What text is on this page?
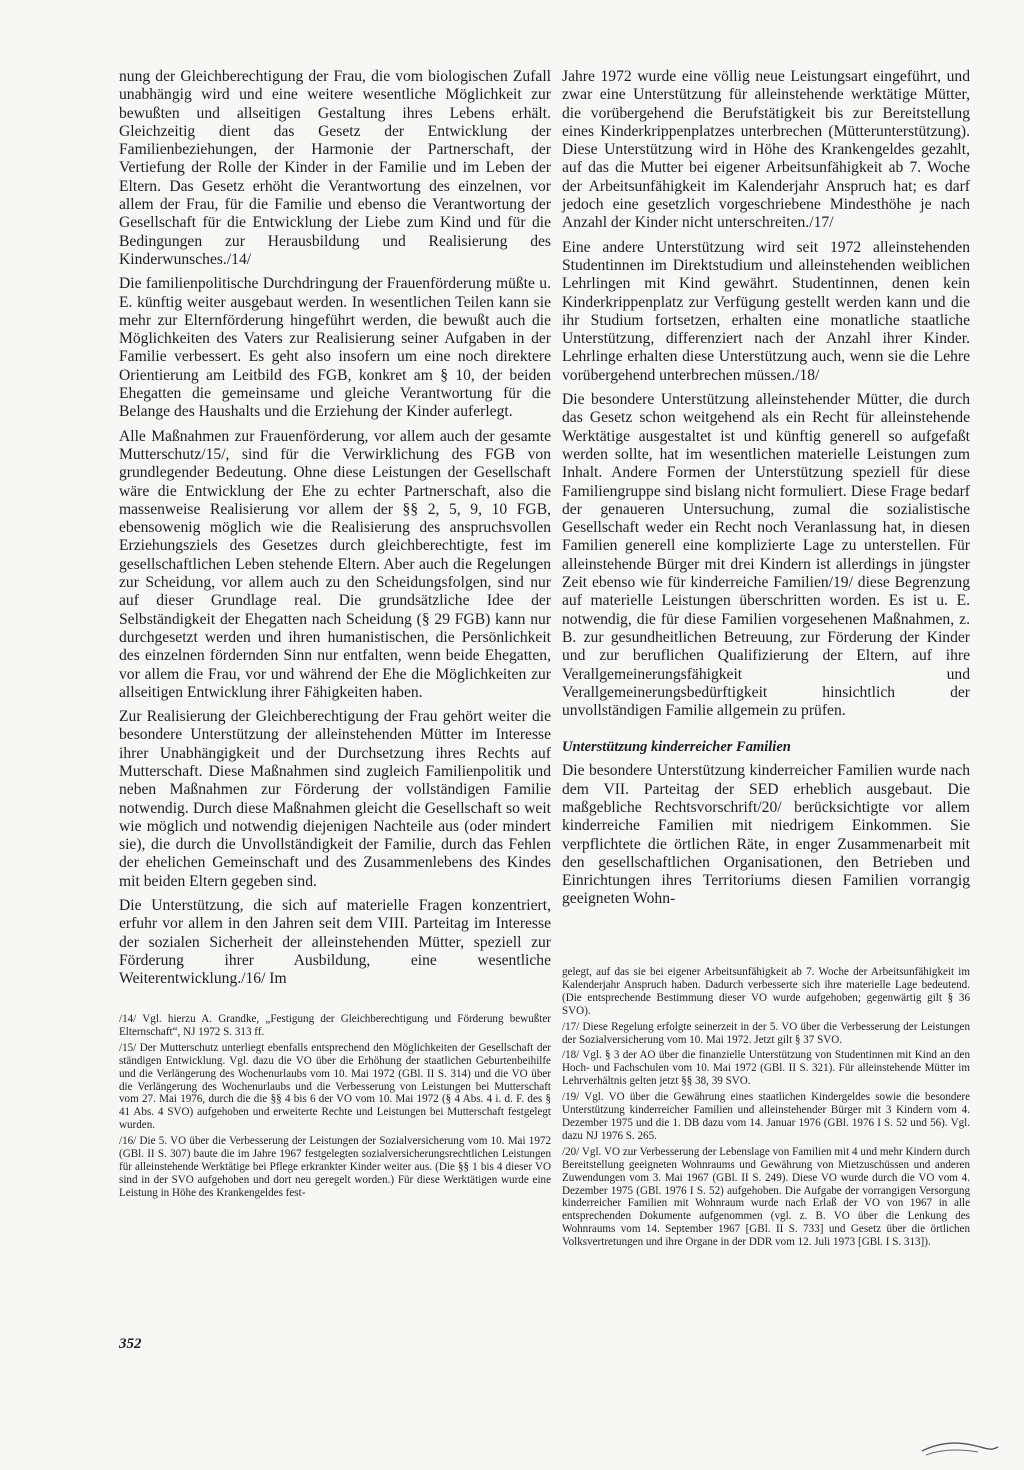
nung der Gleichberechtigung der Frau, die vom biologischen Zufall unabhängig wird und eine weitere wesentliche Möglichkeit zur bewußten und allseitigen Gestaltung ihres Lebens erhält. Gleichzeitig dient das Gesetz der Entwicklung der Familienbeziehungen, der Harmonie der Partnerschaft, der Vertiefung der Rolle der Kinder in der Familie und im Leben der Eltern. Das Gesetz erhöht die Verantwortung des einzelnen, vor allem der Frau, für die Familie und ebenso die Verantwortung der Gesellschaft für die Entwicklung der Liebe zum Kind und für die Bedingungen zur Herausbildung und Realisierung des Kinderwunsches./14/

Die familienpolitische Durchdringung der Frauenförderung müßte u. E. künftig weiter ausgebaut werden. In wesentlichen Teilen kann sie mehr zur Elternförderung hingeführt werden, die bewußt auch die Möglichkeiten des Vaters zur Realisierung seiner Aufgaben in der Familie verbessert. Es geht also insofern um eine noch direktere Orientierung am Leitbild des FGB, konkret am § 10, der beiden Ehegatten die gemeinsame und gleiche Verantwortung für die Belange des Haushalts und die Erziehung der Kinder auferlegt.

Alle Maßnahmen zur Frauenförderung, vor allem auch der gesamte Mutterschutz/15/, sind für die Verwirklichung des FGB von grundlegender Bedeutung. Ohne diese Leistungen der Gesellschaft wäre die Entwicklung der Ehe zu echter Partnerschaft, also die massenweise Realisierung vor allem der §§ 2, 5, 9, 10 FGB, ebensowenig möglich wie die Realisierung des anspruchsvollen Erziehungsziels des Gesetzes durch gleichberechtigte, fest im gesellschaftlichen Leben stehende Eltern. Aber auch die Regelungen zur Scheidung, vor allem auch zu den Scheidungsfolgen, sind nur auf dieser Grundlage real. Die grundsätzliche Idee der Selbständigkeit der Ehegatten nach Scheidung (§ 29 FGB) kann nur durchgesetzt werden und ihren humanistischen, die Persönlichkeit des einzelnen fördernden Sinn nur entfalten, wenn beide Ehegatten, vor allem die Frau, vor und während der Ehe die Möglichkeiten zur allseitigen Entwicklung ihrer Fähigkeiten haben.

Zur Realisierung der Gleichberechtigung der Frau gehört weiter die besondere Unterstützung der alleinstehenden Mütter im Interesse ihrer Unabhängigkeit und der Durchsetzung ihres Rechts auf Mutterschaft. Diese Maßnahmen sind zugleich Familienpolitik und neben Maßnahmen zur Förderung der vollständigen Familie notwendig. Durch diese Maßnahmen gleicht die Gesellschaft so weit wie möglich und notwendig diejenigen Nachteile aus (oder mindert sie), die durch die Unvollständigkeit der Familie, durch das Fehlen der ehelichen Gemeinschaft und des Zusammenlebens des Kindes mit beiden Eltern gegeben sind.

Die Unterstützung, die sich auf materielle Fragen konzentriert, erfuhr vor allem in den Jahren seit dem VIII. Parteitag im Interesse der sozialen Sicherheit der alleinstehenden Mütter, speziell zur Förderung ihrer Ausbildung, eine wesentliche Weiterentwicklung./16/ Im

/14/ Vgl. hierzu A. Grandke, „Festigung der Gleichberechtigung und Förderung bewußter Elternschaft“, NJ 1972 S. 313 ff.

/15/ Der Mutterschutz unterliegt ebenfalls entsprechend den Möglichkeiten der Gesellschaft der ständigen Entwicklung. Vgl. dazu die VO über die Erhöhung der staatlichen Geburtenbeihilfe und die Verlängerung des Wochenurlaubs vom 10. Mai 1972 (GBl. II S. 314) und die VO über die Verlängerung des Wochenurlaubs und die Verbesserung von Leistungen bei Mutterschaft vom 27. Mai 1976, durch die die §§ 4 bis 6 der VO vom 10. Mai 1972 (§ 4 Abs. 4 i. d. F. des § 41 Abs. 4 SVO) aufgehoben und erweiterte Rechte und Leistungen bei Mutterschaft festgelegt wurden.

/16/ Die 5. VO über die Verbesserung der Leistungen der Sozialversicherung vom 10. Mai 1972 (GBl. II S. 307) baute die im Jahre 1967 festgelegten sozialversicherungsrechtlichen Leistungen für alleinstehende Werktätige bei Pflege erkrankter Kinder weiter aus. (Die §§ 1 bis 4 dieser VO sind in der SVO aufgehoben und dort neu geregelt worden.) Für diese Werktätigen wurde eine Leistung in Höhe des Krankengeldes fest-

Jahre 1972 wurde eine völlig neue Leistungsart eingeführt, und zwar eine Unterstützung für alleinstehende werktätige Mütter, die vorübergehend die Berufstätigkeit bis zur Bereitstellung eines Kinderkrippenplatzes unterbrechen (Mütterunterstützung). Diese Unterstützung wird in Höhe des Krankengeldes gezahlt, auf das die Mutter bei eigener Arbeitsunfähigkeit ab 7. Woche der Arbeitsunfähigkeit im Kalenderjahr Anspruch hat; es darf jedoch eine gesetzlich vorgeschriebene Mindesthöhe je nach Anzahl der Kinder nicht unterschreiten./17/

Eine andere Unterstützung wird seit 1972 alleinstehenden Studentinnen im Direktstudium und alleinstehenden weiblichen Lehrlingen mit Kind gewährt. Studentinnen, denen kein Kinderkrippenplatz zur Verfügung gestellt werden kann und die ihr Studium fortsetzen, erhalten eine monatliche staatliche Unterstützung, differenziert nach der Anzahl ihrer Kinder. Lehrlinge erhalten diese Unterstützung auch, wenn sie die Lehre vorübergehend unterbrechen müssen./18/

Die besondere Unterstützung alleinstehender Mütter, die durch das Gesetz schon weitgehend als ein Recht für alleinstehende Werktätige ausgestaltet ist und künftig generell so aufgefaßt werden sollte, hat im wesentlichen materielle Leistungen zum Inhalt. Andere Formen der Unterstützung speziell für diese Familiengruppe sind bislang nicht formuliert. Diese Frage bedarf der genaueren Untersuchung, zumal die sozialistische Gesellschaft weder ein Recht noch Veranlassung hat, in diesen Familien generell eine komplizierte Lage zu unterstellen. Für alleinstehende Bürger mit drei Kindern ist allerdings in jüngster Zeit ebenso wie für kinderreiche Familien/19/ diese Begrenzung auf materielle Leistungen überschritten worden. Es ist u. E. notwendig, die für diese Familien vorgesehenen Maßnahmen, z. B. zur gesundheitlichen Betreuung, zur Förderung der Kinder und zur beruflichen Qualifizierung der Eltern, auf ihre Verallgemeinerungsfähigkeit und Verallgemeinerungsbedürftigkeit hinsichtlich der unvollständigen Familie allgemein zu prüfen.

Unterstützung kinderreicher Familien

Die besondere Unterstützung kinderreicher Familien wurde nach dem VII. Parteitag der SED erheblich ausgebaut. Die maßgebliche Rechtsvorschrift/20/ berücksichtigte vor allem kinderreiche Familien mit niedrigem Einkommen. Sie verpflichtete die örtlichen Räte, in enger Zusammenarbeit mit den gesellschaftlichen Organisationen, den Betrieben und Einrichtungen ihres Territoriums diesen Familien vorrangig geeigneten Wohn-

gelegt, auf das sie bei eigener Arbeitsunfähigkeit ab 7. Woche der Arbeitsunfähigkeit im Kalenderjahr Anspruch haben. Dadurch verbesserte sich ihre materielle Lage bedeutend. (Die entsprechende Bestimmung dieser VO wurde aufgehoben; gegenwärtig gilt § 36 SVO).

/17/ Diese Regelung erfolgte seinerzeit in der 5. VO über die Verbesserung der Leistungen der Sozialversicherung vom 10. Mai 1972. Jetzt gilt § 37 SVO.

/18/ Vgl. § 3 der AO über die finanzielle Unterstützung von Studentinnen mit Kind an den Hoch- und Fachschulen vom 10. Mai 1972 (GBl. II S. 321). Für alleinstehende Mütter im Lehrverhältnis gelten jetzt §§ 38, 39 SVO.

/19/ Vgl. VO über die Gewährung eines staatlichen Kindergeldes sowie die besondere Unterstützung kinderreicher Familien und alleinstehender Bürger mit 3 Kindern vom 4. Dezember 1975 und die 1. DB dazu vom 14. Januar 1976 (GBl. 1976 I S. 52 und 56). Vgl. dazu NJ 1976 S. 265.

/20/ Vgl. VO zur Verbesserung der Lebenslage von Familien mit 4 und mehr Kindern durch Bereitstellung geeigneten Wohnraums und Gewährung von Mietzuschüssen und anderen Zuwendungen vom 3. Mai 1967 (GBl. II S. 249). Diese VO wurde durch die VO vom 4. Dezember 1975 (GBl. 1976 I S. 52) aufgehoben. Die Aufgabe der vorrangigen Versorgung kinderreicher Familien mit Wohnraum wurde nach Erlaß der VO von 1967 in alle entsprechenden Dokumente aufgenommen (vgl. z. B. VO über die Lenkung des Wohnraums vom 14. September 1967 [GBl. II S. 733] und Gesetz über die örtlichen Volksvertretungen und ihre Organe in der DDR vom 12. Juli 1973 [GBl. I S. 313]).

352
